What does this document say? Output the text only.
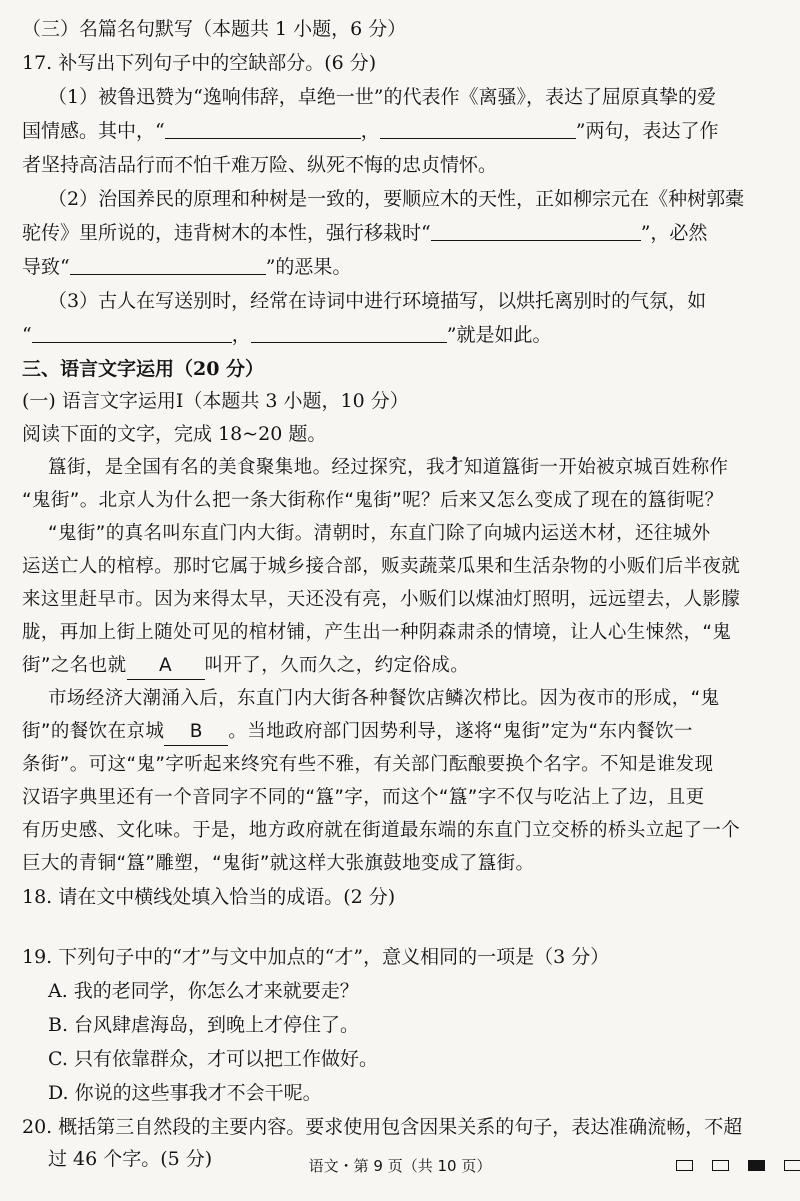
（三）名篇名句默写（本题共 1 小题，6 分）
17. 补写出下列句子中的空缺部分。(6 分)
（1）被鲁迅赞为“逸响伟辞，卓绝一世”的代表作《离骚》，表达了屈原真挚的爱
国情感。其中，“	，	”两句，表达了作
者坚持高洁品行而不怕千难万险、纵死不悔的忠贞情怀。
（2）治国养民的原理和种树是一致的，要顺应木的天性，正如柳宗元在《种树郭橐
驼传》里所说的，违背树木的本性，强行移栽时“	”，必然
导致“	”的恶果。
（3）古人在写送别时，经常在诗词中进行环境描写，以烘托离别时的气氛，如
“	，	”就是如此。
三、语言文字运用（20 分）
(一) 语言文字运用Ⅰ（本题共 3 小题，10 分）
阅读下面的文字，完成 18~20 题。
簋街，是全国有名的美食聚集地。经过探究，我才知道簋街一开始被京城百姓称作
“鬼街”。北京人为什么把一条大街称作“鬼街”呢？后来又怎么变成了现在的簋街呢？
“鬼街”的真名叫东直门内大街。清朝时，东直门除了向城内运送木材，还往城外
运送亡人的棺椁。那时它属于城乡接合部，贩卖蔬菜瓜果和生活杂物的小贩们后半夜就
来这里赶早市。因为来得太早，天还没有亮，小贩们以煤油灯照明，远远望去，人影朦
胧，再加上街上随处可见的棺材铺，产生出一种阴森肃杀的情境，让人心生悚然，“鬼
街”之名也就 A 叫开了，久而久之，约定俗成。
市场经济大潮涌入后，东直门内大街各种餐饮店鳞次栉比。因为夜市的形成，“鬼
街”的餐饮在京城 B 。当地政府部门因势利导，遂将“鬼街”定为“东内餐饮一
条街”。可这“鬼”字听起来终究有些不雅，有关部门酝酿要换个名字。不知是谁发现
汉语字典里还有一个音同字不同的“簋”字，而这个“簋”字不仅与吃沾上了边，且更
有历史感、文化味。于是，地方政府就在街道最东端的东直门立交桥的桥头立起了一个
巨大的青铜“簋”雕塑，“鬼街”就这样大张旗鼓地变成了簋街。
18. 请在文中横线处填入恰当的成语。(2 分)
19. 下列句子中的“才”与文中加点的“才”，意义相同的一项是（3 分）
A. 我的老同学，你怎么才来就要走？
B. 台风肆虐海岛，到晚上才停住了。
C. 只有依靠群众，才可以把工作做好。
D. 你说的这些事我才不会干呢。
20. 概括第三自然段的主要内容。要求使用包含因果关系的句子，表达准确流畅，不超
过 46 个字。(5 分)	语文・第 9 页（共 10 页）
